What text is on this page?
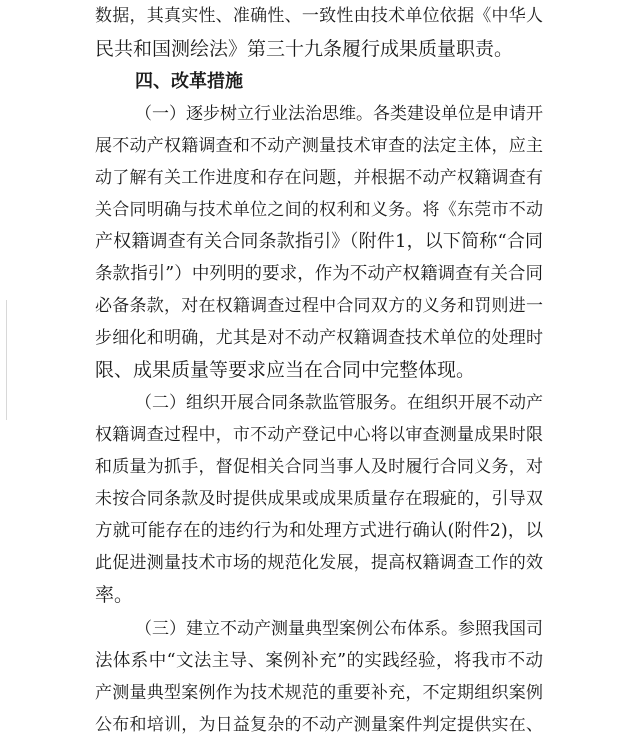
数据，其真实性、准确性、一致性由技术单位依据《中华人
民共和国测绘法》第三十九条履行成果质量职责。
四、改革措施
（一）逐步树立行业法治思维。各类建设单位是申请开
展不动产权籍调查和不动产测量技术审查的法定主体，应主
动了解有关工作进度和存在问题，并根据不动产权籍调查有
关合同明确与技术单位之间的权利和义务。将《东莞市不动
产权籍调查有关合同条款指引》（附件1，以下简称“合同
条款指引”）中列明的要求，作为不动产权籍调查有关合同
必备条款，对在权籍调查过程中合同双方的义务和罚则进一
步细化和明确，尤其是对不动产权籍调查技术单位的处理时
限、成果质量等要求应当在合同中完整体现。
（二）组织开展合同条款监管服务。在组织开展不动产
权籍调查过程中，市不动产登记中心将以审查测量成果时限
和质量为抓手，督促相关合同当事人及时履行合同义务，对
未按合同条款及时提供成果或成果质量存在瑕疵的，引导双
方就可能存在的违约行为和处理方式进行确认(附件2)，以
此促进测量技术市场的规范化发展，提高权籍调查工作的效
率。
（三）建立不动产测量典型案例公布体系。参照我国司
法体系中“文法主导、案例补充”的实践经验，将我市不动
产测量典型案例作为技术规范的重要补充，不定期组织案例
公布和培训，为日益复杂的不动产测量案件判定提供实在、
